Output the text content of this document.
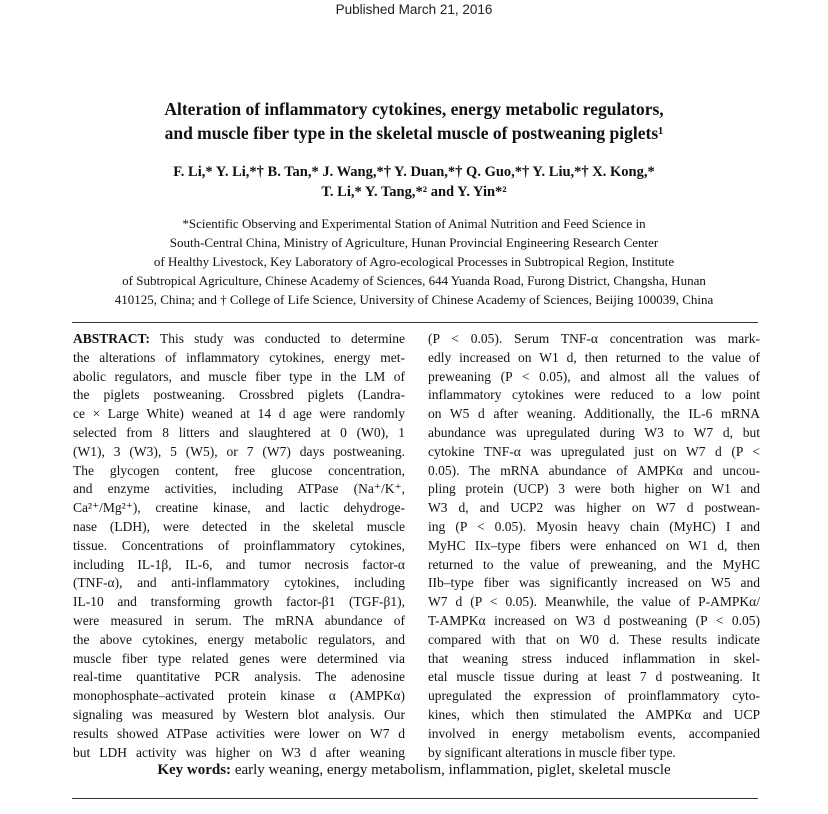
Published March 21, 2016
Alteration of inflammatory cytokines, energy metabolic regulators,
and muscle fiber type in the skeletal muscle of postweaning piglets¹
F. Li,* Y. Li,*† B. Tan,* J. Wang,*† Y. Duan,*† Q. Guo,*† Y. Liu,*† X. Kong,*
T. Li,* Y. Tang,*² and Y. Yin*²
*Scientific Observing and Experimental Station of Animal Nutrition and Feed Science in
South-Central China, Ministry of Agriculture, Hunan Provincial Engineering Research Center
of Healthy Livestock, Key Laboratory of Agro-ecological Processes in Subtropical Region, Institute
of Subtropical Agriculture, Chinese Academy of Sciences, 644 Yuanda Road, Furong District, Changsha, Hunan
410125, China; and † College of Life Science, University of Chinese Academy of Sciences, Beijing 100039, China
ABSTRACT: This study was conducted to determine
the alterations of inflammatory cytokines, energy met-
abolic regulators, and muscle fiber type in the LM of
the piglets postweaning. Crossbred piglets (Landra-
ce × Large White) weaned at 14 d age were randomly
selected from 8 litters and slaughtered at 0 (W0), 1
(W1), 3 (W3), 5 (W5), or 7 (W7) days postweaning.
The glycogen content, free glucose concentration,
and enzyme activities, including ATPase (Na⁺/K⁺,
Ca²⁺/Mg²⁺), creatine kinase, and lactic dehydroge-
nase (LDH), were detected in the skeletal muscle
tissue. Concentrations of proinflammatory cytokines,
including IL-1β, IL-6, and tumor necrosis factor-α
(TNF-α), and anti-inflammatory cytokines, including
IL-10 and transforming growth factor-β1 (TGF-β1),
were measured in serum. The mRNA abundance of
the above cytokines, energy metabolic regulators, and
muscle fiber type related genes were determined via
real-time quantitative PCR analysis. The adenosine
monophosphate–activated protein kinase α (AMPKα)
signaling was measured by Western blot analysis. Our
results showed ATPase activities were lower on W7 d
but LDH activity was higher on W3 d after weaning
(P < 0.05). Serum TNF-α concentration was mark-
edly increased on W1 d, then returned to the value of
preweaning (P < 0.05), and almost all the values of
inflammatory cytokines were reduced to a low point
on W5 d after weaning. Additionally, the IL-6 mRNA
abundance was upregulated during W3 to W7 d, but
cytokine TNF-α was upregulated just on W7 d (P <
0.05). The mRNA abundance of AMPKα and uncou-
pling protein (UCP) 3 were both higher on W1 and
W3 d, and UCP2 was higher on W7 d postwean-
ing (P < 0.05). Myosin heavy chain (MyHC) I and
MyHC IIx–type fibers were enhanced on W1 d, then
returned to the value of preweaning, and the MyHC
IIb–type fiber was significantly increased on W5 and
W7 d (P < 0.05). Meanwhile, the value of P-AMPKα/
T-AMPKα increased on W3 d postweaning (P < 0.05)
compared with that on W0 d. These results indicate
that weaning stress induced inflammation in skel-
etal muscle tissue during at least 7 d postweaning. It
upregulated the expression of proinflammatory cyto-
kines, which then stimulated the AMPKα and UCP
involved in energy metabolism events, accompanied
by significant alterations in muscle fiber type.
Key words: early weaning, energy metabolism, inflammation, piglet, skeletal muscle
